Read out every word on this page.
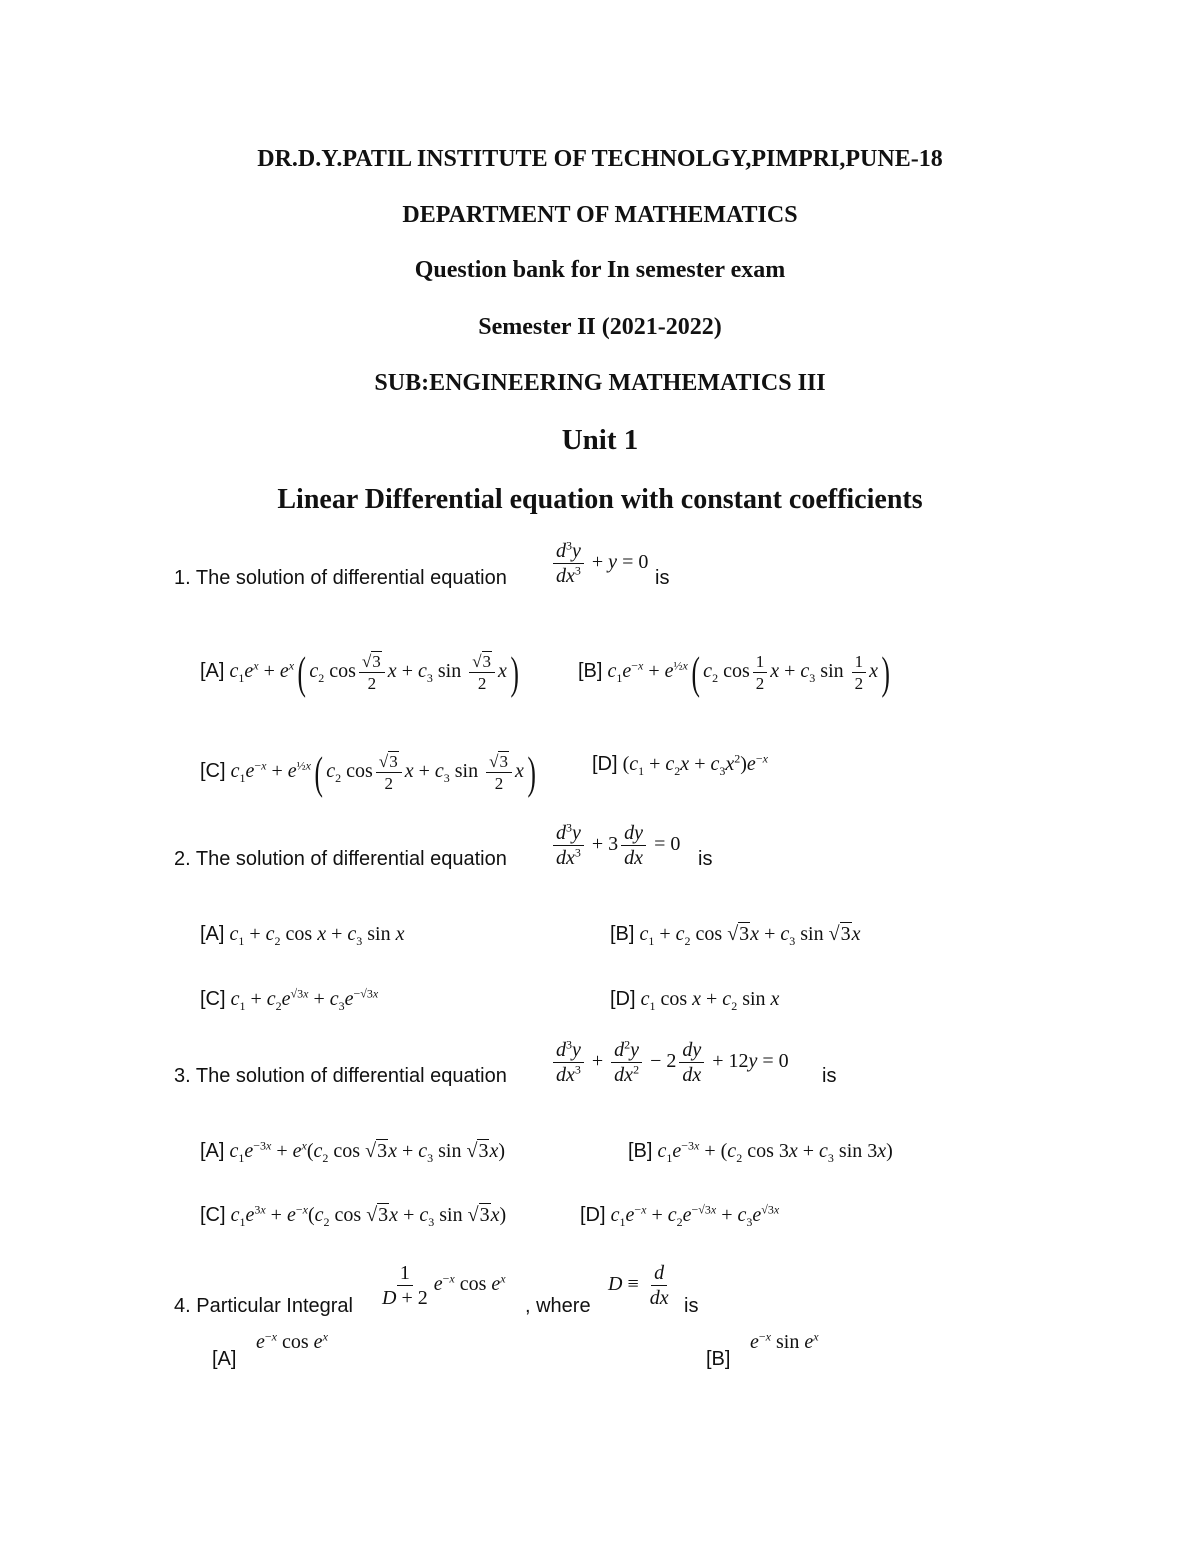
DR.D.Y.PATIL INSTITUTE OF TECHNOLGY,PIMPRI,PUNE-18
DEPARTMENT OF MATHEMATICS
Question bank for In semester exam
Semester II (2021-2022)
SUB:ENGINEERING MATHEMATICS III
Unit 1
Linear Differential equation with constant coefficients
1. The solution of differential equation $\frac{d^3y}{dx^3} + y = 0$
is
[A] $c_1e^x + e^x$( $c_2$ $\cos \frac{√3}{2}$ $x + c_3$ $\sin \frac{√3}{2} x$)	[B] $c_1e^{-x} + e^{\frac{1}{2}x}$( $c_2$ $\cos \frac{1}{2}$ $x + c_3$ $\sin \frac{1}{2} x$)
[C] $c_1e^{-x} + e^{\frac{1}{2}x}$( $c_2$ $\cos \frac{√3}{2}$ $x + c_3$ $\sin \frac{√3}{2} x$)	[D] $(c_1 + c_2x + c_3x^2)e^{-x}$
2. The solution of differential equation $\frac{d^3y}{dx^3} + 3 \frac{dy}{dx} = 0$
is
[A] $c_1 + c_2$ $\cos x + c_3$ sin x	[B] $c_1 + c_2$ $\cos √3x + c_3$ sin √3x
[C] $c_1 + c_2e^{√3x} + c_3e^{-√3x}$	[D] $c_1$ $\cos x + c_2$ sin x
3. The solution of differential equation $\frac{d^3y}{dx^3} + \frac{d^2y}{dx^2} - 2 \frac{dy}{dx} + 12y = 0$
is
[A] $c_1e^{-3x} + e^x(c_2$ $\cos √3x + c_3$ sin √3x)	[B] $c_1e^{-3x} + (c_2$ $\cos 3x + c_3$ sin 3x)
[C] $c_1e^{3x} + e^{-x}(c_2$ $\cos √3x + c_3$ sin √3x)	[D] $c_1e^{-x} + c_2e^{-√3x} + c_3e^{√3x}$
4. Particular Integral $\frac{1}{D + 2} e^{-x}$ $\cos e^x$
, where
$D \equiv \frac{d}{dx}$ is
[A]
$e^{-x}$ $\cos e^x$
[B]
$e^{-x}$ $\sin e^x$
